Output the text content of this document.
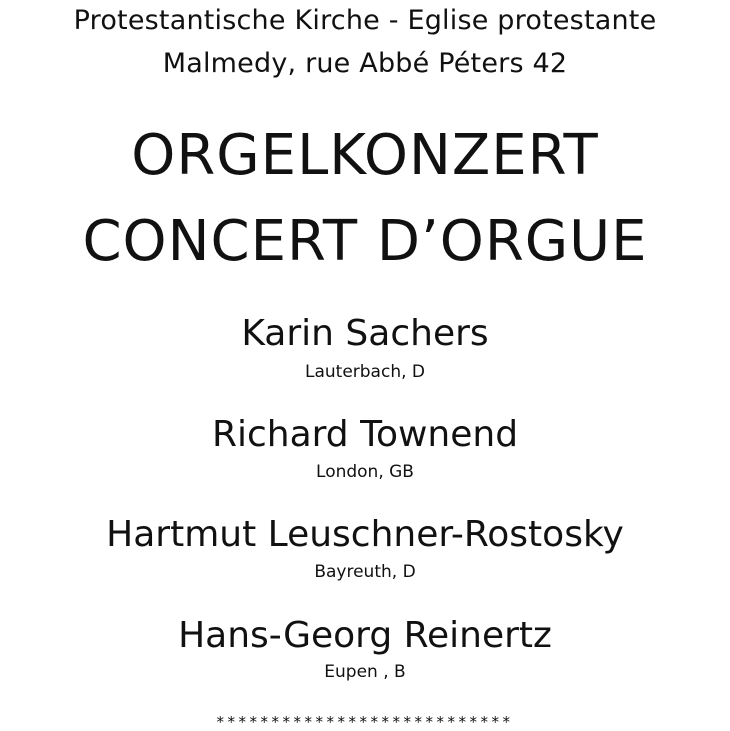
Protestantische Kirche - Eglise protestante
Malmedy, rue Abbé Péters 42
ORGELKONZERT
CONCERT D’ORGUE
Karin Sachers
Lauterbach, D
Richard Townend
London, GB
Hartmut Leuschner-Rostosky
Bayreuth, D
Hans-Georg Reinertz
Eupen , B
***************************
